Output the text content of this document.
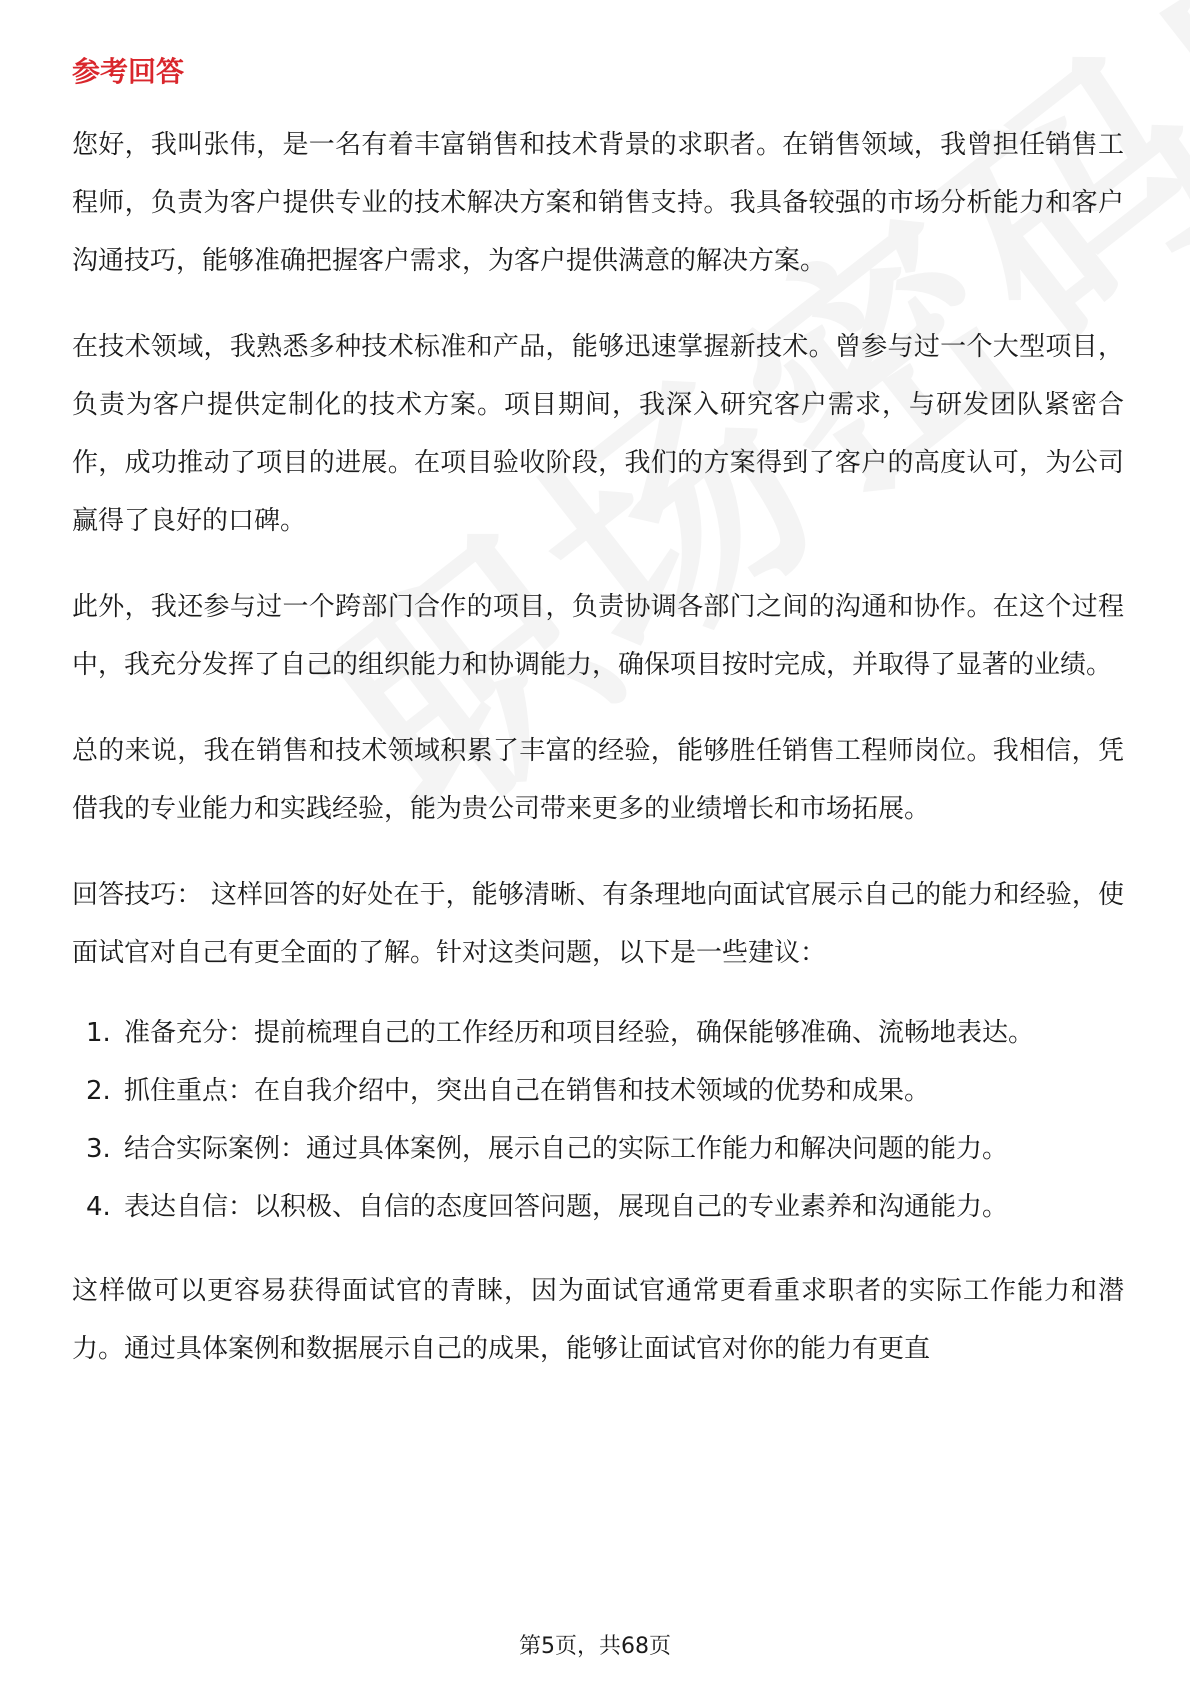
参考回答

您好，我叫张伟，是一名有着丰富销售和技术背景的求职者。在销售领域，我曾担任销售工程师，负责为客户提供专业的技术解决方案和销售支持。我具备较强的市场分析能力和客户沟通技巧，能够准确把握客户需求，为客户提供满意的解决方案。

在技术领域，我熟悉多种技术标准和产品，能够迅速掌握新技术。曾参与过一个大型项目，负责为客户提供定制化的技术方案。项目期间，我深入研究客户需求，与研发团队紧密合作，成功推动了项目的进展。在项目验收阶段，我们的方案得到了客户的高度认可，为公司赢得了良好的口碑。

此外，我还参与过一个跨部门合作的项目，负责协调各部门之间的沟通和协作。在这个过程中，我充分发挥了自己的组织能力和协调能力，确保项目按时完成，并取得了显著的业绩。

总的来说，我在销售和技术领域积累了丰富的经验，能够胜任销售工程师岗位。我相信，凭借我的专业能力和实践经验，能为贵公司带来更多的业绩增长和市场拓展。

回答技巧： 这样回答的好处在于，能够清晰、有条理地向面试官展示自己的能力和经验，使面试官对自己有更全面的了解。针对这类问题，以下是一些建议：

1. 准备充分：提前梳理自己的工作经历和项目经验，确保能够准确、流畅地表达。
2. 抓住重点：在自我介绍中，突出自己在销售和技术领域的优势和成果。
3. 结合实际案例：通过具体案例，展示自己的实际工作能力和解决问题的能力。
4. 表达自信：以积极、自信的态度回答问题，展现自己的专业素养和沟通能力。

这样做可以更容易获得面试官的青睐，因为面试官通常更看重求职者的实际工作能力和潜力。通过具体案例和数据展示自己的成果，能够让面试官对你的能力有更直

第5页，共68页
